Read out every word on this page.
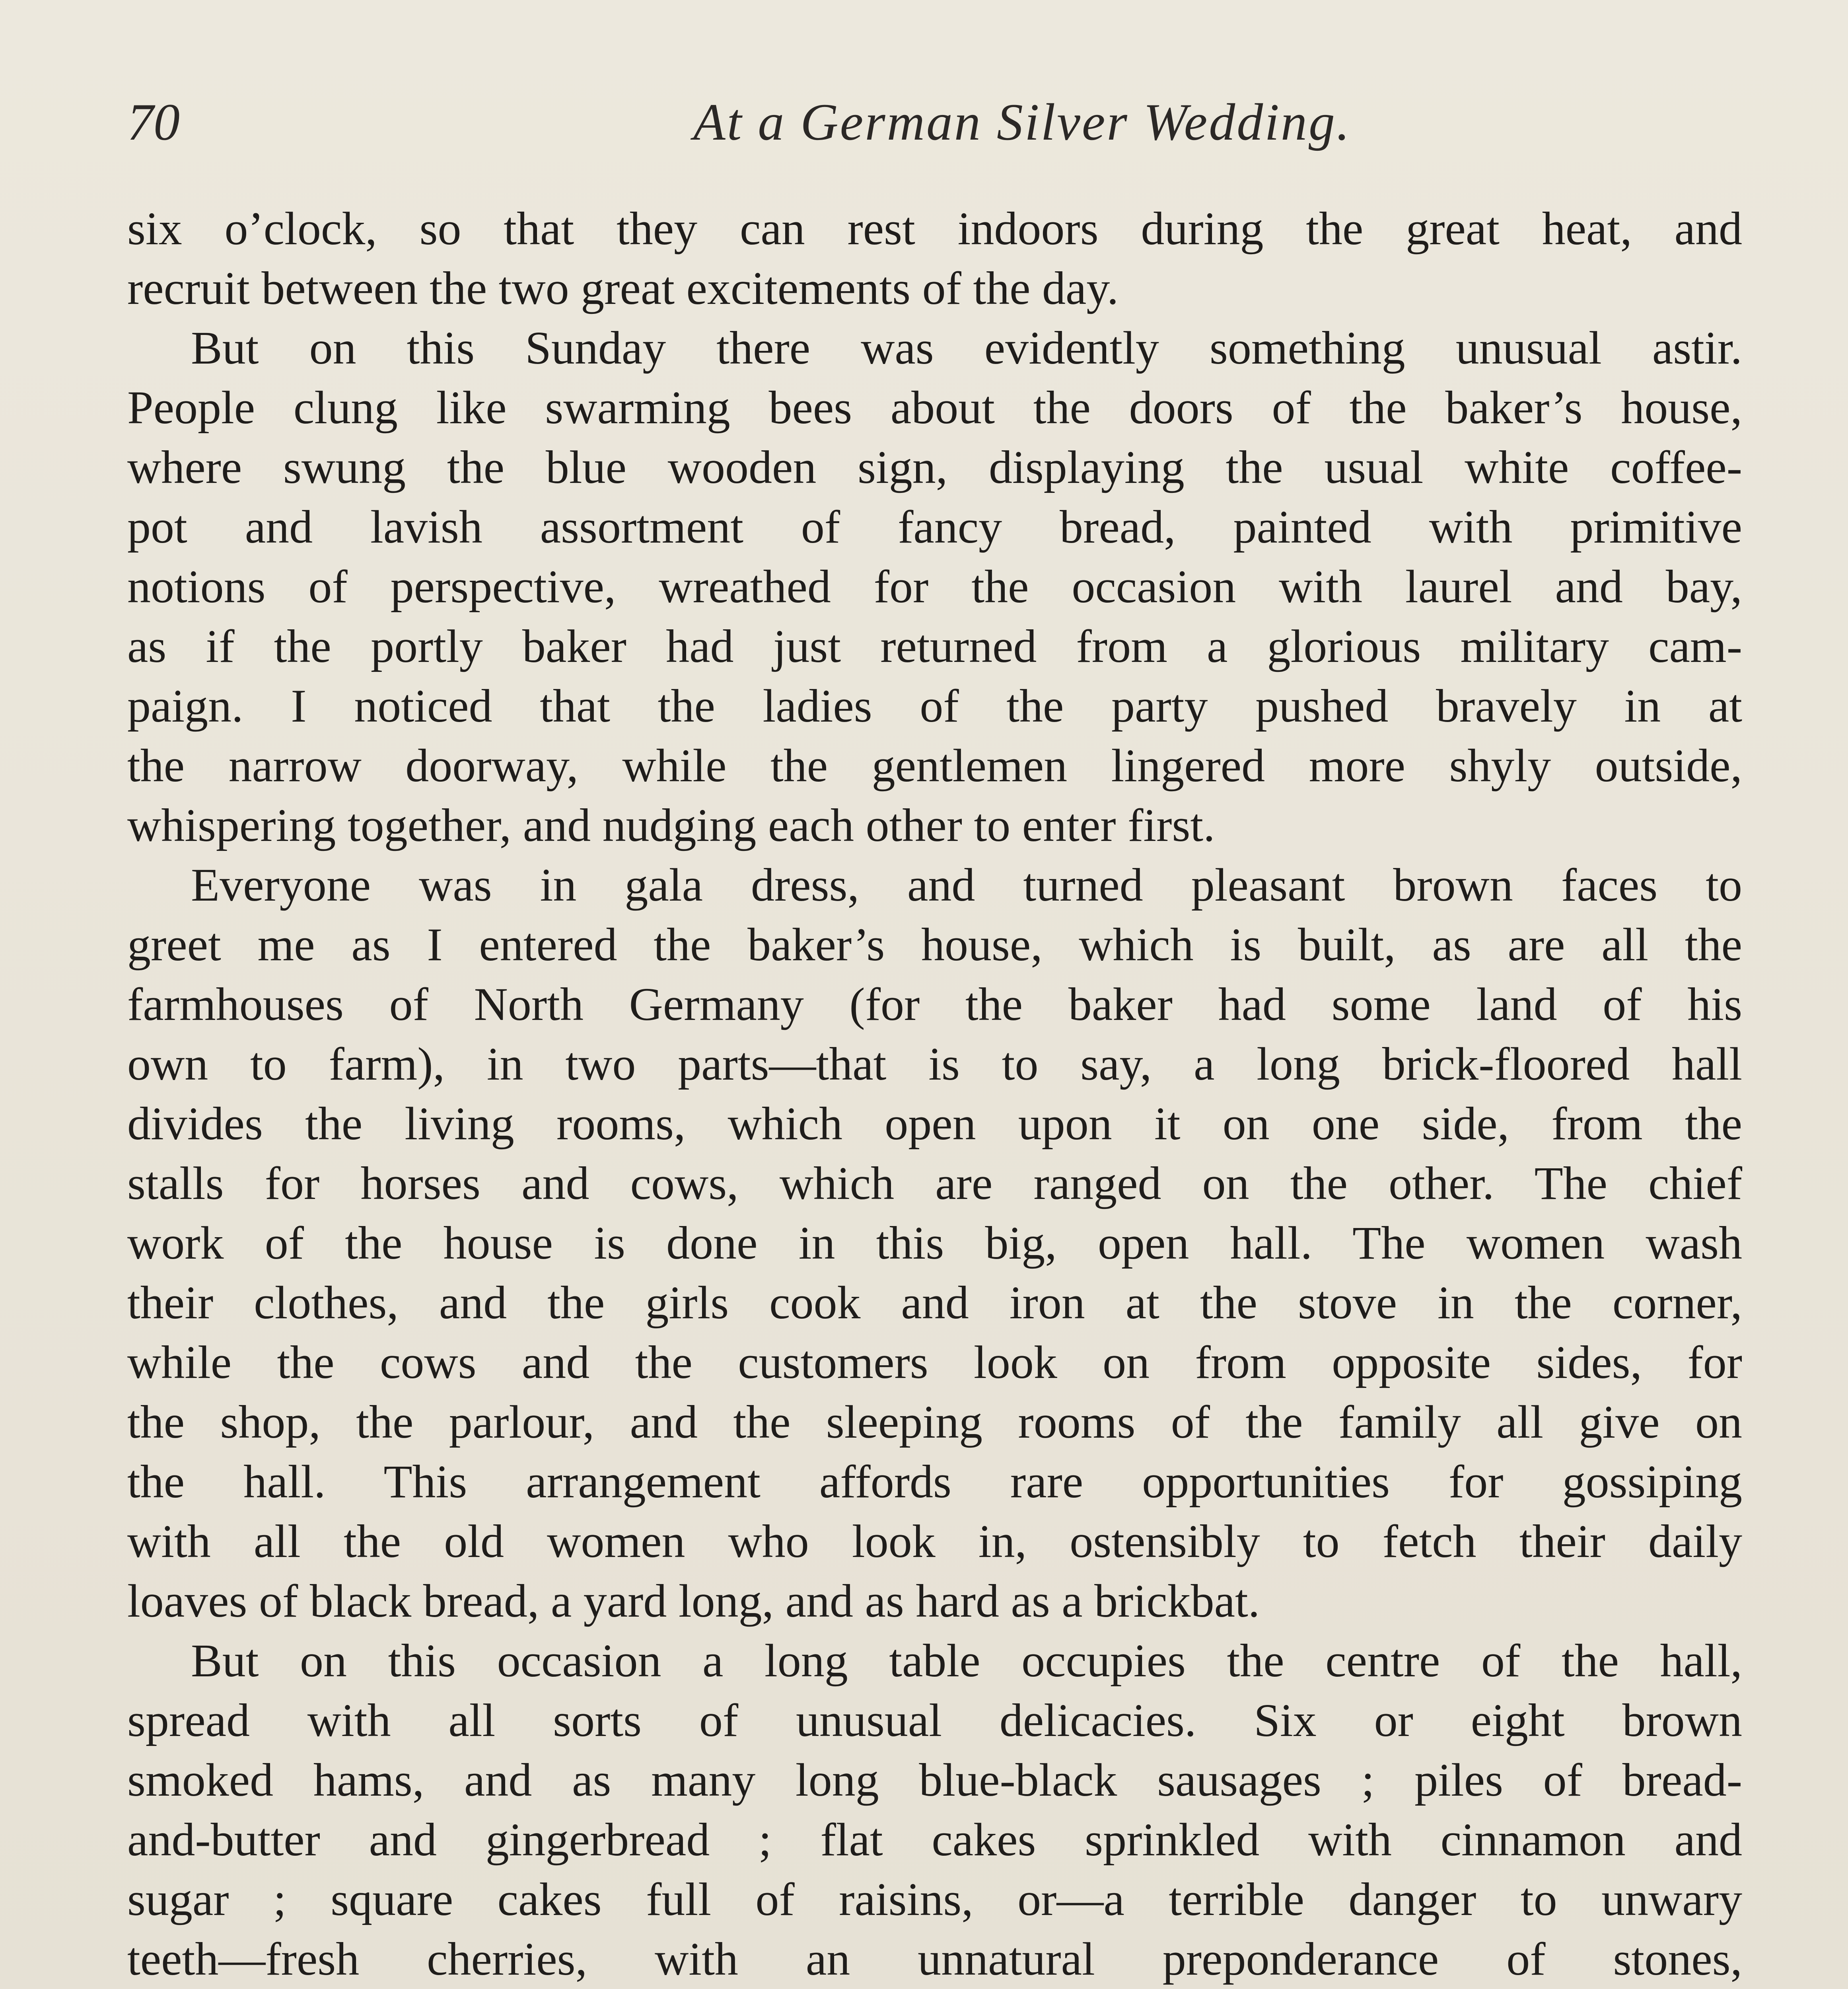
70	At a German Silver Wedding.
six o’clock, so that they can rest indoors during the great heat, and
recruit between the two great excitements of the day.
But on this Sunday there was evidently something unusual astir.
People clung like swarming bees about the doors of the baker’s house,
where swung the blue wooden sign, displaying the usual white coffee-
pot and lavish assortment of fancy bread, painted with primitive
notions of perspective, wreathed for the occasion with laurel and bay,
as if the portly baker had just returned from a glorious military cam-
paign. I noticed that the ladies of the party pushed bravely in at
the narrow doorway, while the gentlemen lingered more shyly outside,
whispering together, and nudging each other to enter first.
Everyone was in gala dress, and turned pleasant brown faces to
greet me as I entered the baker’s house, which is built, as are all the
farmhouses of North Germany (for the baker had some land of his
own to farm), in two parts—that is to say, a long brick-floored hall
divides the living rooms, which open upon it on one side, from the
stalls for horses and cows, which are ranged on the other. The chief
work of the house is done in this big, open hall. The women wash
their clothes, and the girls cook and iron at the stove in the corner,
while the cows and the customers look on from opposite sides, for
the shop, the parlour, and the sleeping rooms of the family all give on
the hall. This arrangement affords rare opportunities for gossiping
with all the old women who look in, ostensibly to fetch their daily
loaves of black bread, a yard long, and as hard as a brickbat.
But on this occasion a long table occupies the centre of the hall,
spread with all sorts of unusual delicacies. Six or eight brown
smoked hams, and as many long blue-black sausages ; piles of bread-
and-butter and gingerbread ; flat cakes sprinkled with cinnamon and
sugar ; square cakes full of raisins, or—a terrible danger to unwary
teeth—fresh cherries, with an unnatural preponderance of stones,
